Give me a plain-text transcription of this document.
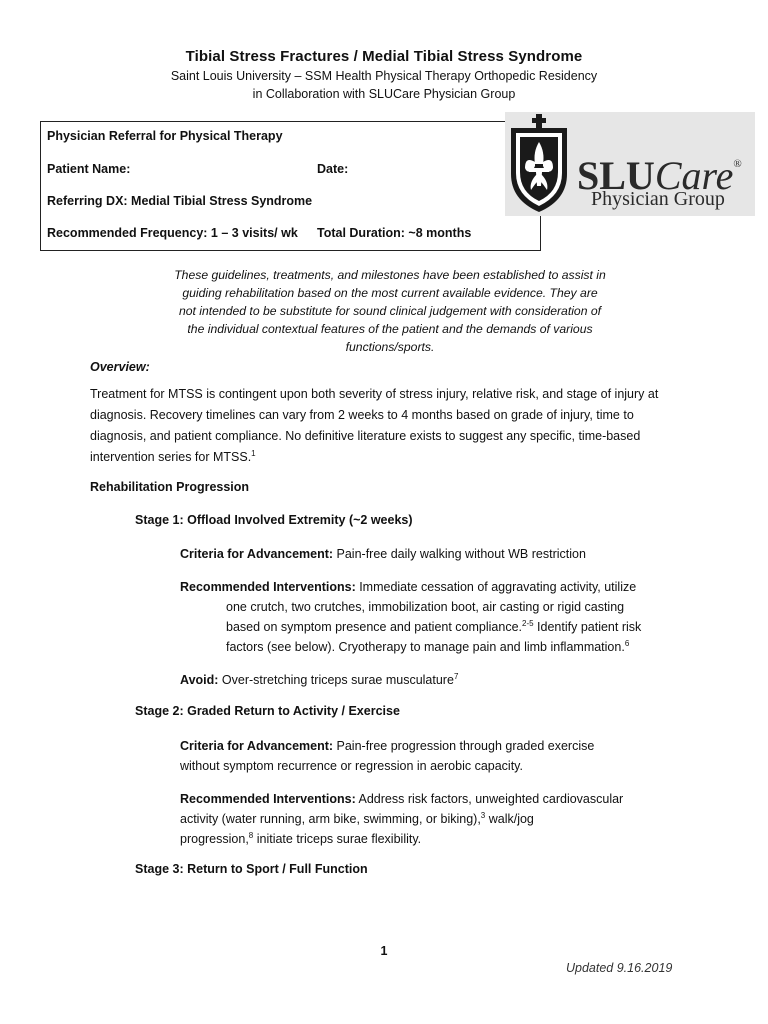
Tibial Stress Fractures / Medial Tibial Stress Syndrome
Saint Louis University – SSM Health Physical Therapy Orthopedic Residency
in Collaboration with SLUCare Physician Group
Physician Referral for Physical Therapy
Patient Name:	Date:
Referring DX: Medial Tibial Stress Syndrome
Recommended Frequency: 1 – 3 visits/ wk Total Duration: ~8 months
SLUCare®
Physician Group
These guidelines, treatments, and milestones have been established to assist in
guiding rehabilitation based on the most current available evidence. They are
not intended to be substitute for sound clinical judgement with consideration of
the individual contextual features of the patient and the demands of various
functions/sports.
Overview:
Treatment for MTSS is contingent upon both severity of stress injury, relative risk, and stage of injury at diagnosis. Recovery timelines can vary from 2 weeks to 4 months based on grade of injury, time to diagnosis, and patient compliance. No definitive literature exists to suggest any specific, time-based intervention series for MTSS.$^1$
Rehabilitation Progression
Stage 1: Offload Involved Extremity (~2 weeks)
Criteria for Advancement: Pain-free daily walking without WB restriction
Recommended Interventions: Immediate cessation of aggravating activity, utilize
one crutch, two crutches, immobilization boot, air casting or rigid casting
based on symptom presence and patient compliance.$^{2-5}$ Identify patient risk
factors (see below). Cryotherapy to manage pain and limb inflammation.$^6$
Avoid: Over-stretching triceps surae musculature$^7$
Stage 2: Graded Return to Activity / Exercise
Criteria for Advancement: Pain-free progression through graded exercise
without symptom recurrence or regression in aerobic capacity.
Recommended Interventions: Address risk factors, unweighted cardiovascular
activity (water running, arm bike, swimming, or biking),$^3$ walk/jog
progression,$^8$ initiate triceps surae flexibility.
Stage 3: Return to Sport / Full Function
1
Updated 9.16.2019
